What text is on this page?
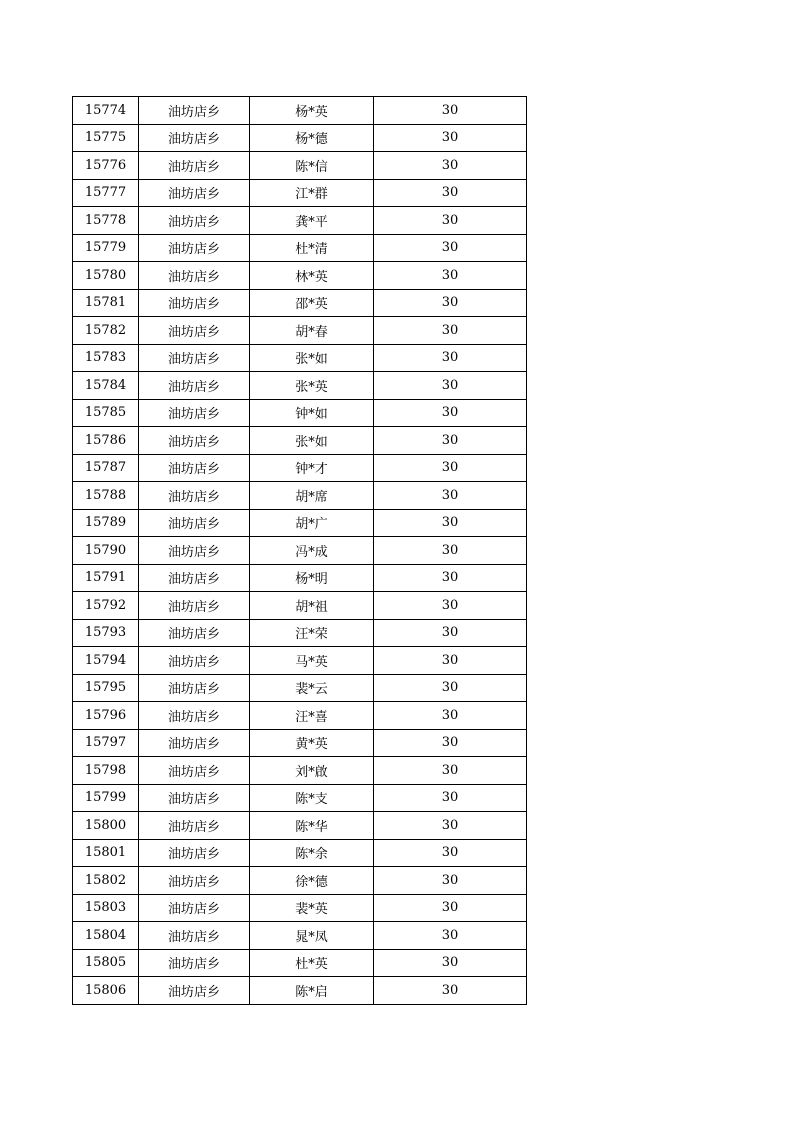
15774	油坊店乡	杨*英	30
15775	油坊店乡	杨*德	30
15776	油坊店乡	陈*信	30
15777	油坊店乡	江*群	30
15778	油坊店乡	龚*平	30
15779	油坊店乡	杜*清	30
15780	油坊店乡	林*英	30
15781	油坊店乡	邵*英	30
15782	油坊店乡	胡*春	30
15783	油坊店乡	张*如	30
15784	油坊店乡	张*英	30
15785	油坊店乡	钟*如	30
15786	油坊店乡	张*如	30
15787	油坊店乡	钟*才	30
15788	油坊店乡	胡*席	30
15789	油坊店乡	胡*广	30
15790	油坊店乡	冯*成	30
15791	油坊店乡	杨*明	30
15792	油坊店乡	胡*祖	30
15793	油坊店乡	汪*荣	30
15794	油坊店乡	马*英	30
15795	油坊店乡	裴*云	30
15796	油坊店乡	汪*喜	30
15797	油坊店乡	黄*英	30
15798	油坊店乡	刘*啟	30
15799	油坊店乡	陈*支	30
15800	油坊店乡	陈*华	30
15801	油坊店乡	陈*余	30
15802	油坊店乡	徐*德	30
15803	油坊店乡	裴*英	30
15804	油坊店乡	晁*凤	30
15805	油坊店乡	杜*英	30
15806	油坊店乡	陈*启	30
